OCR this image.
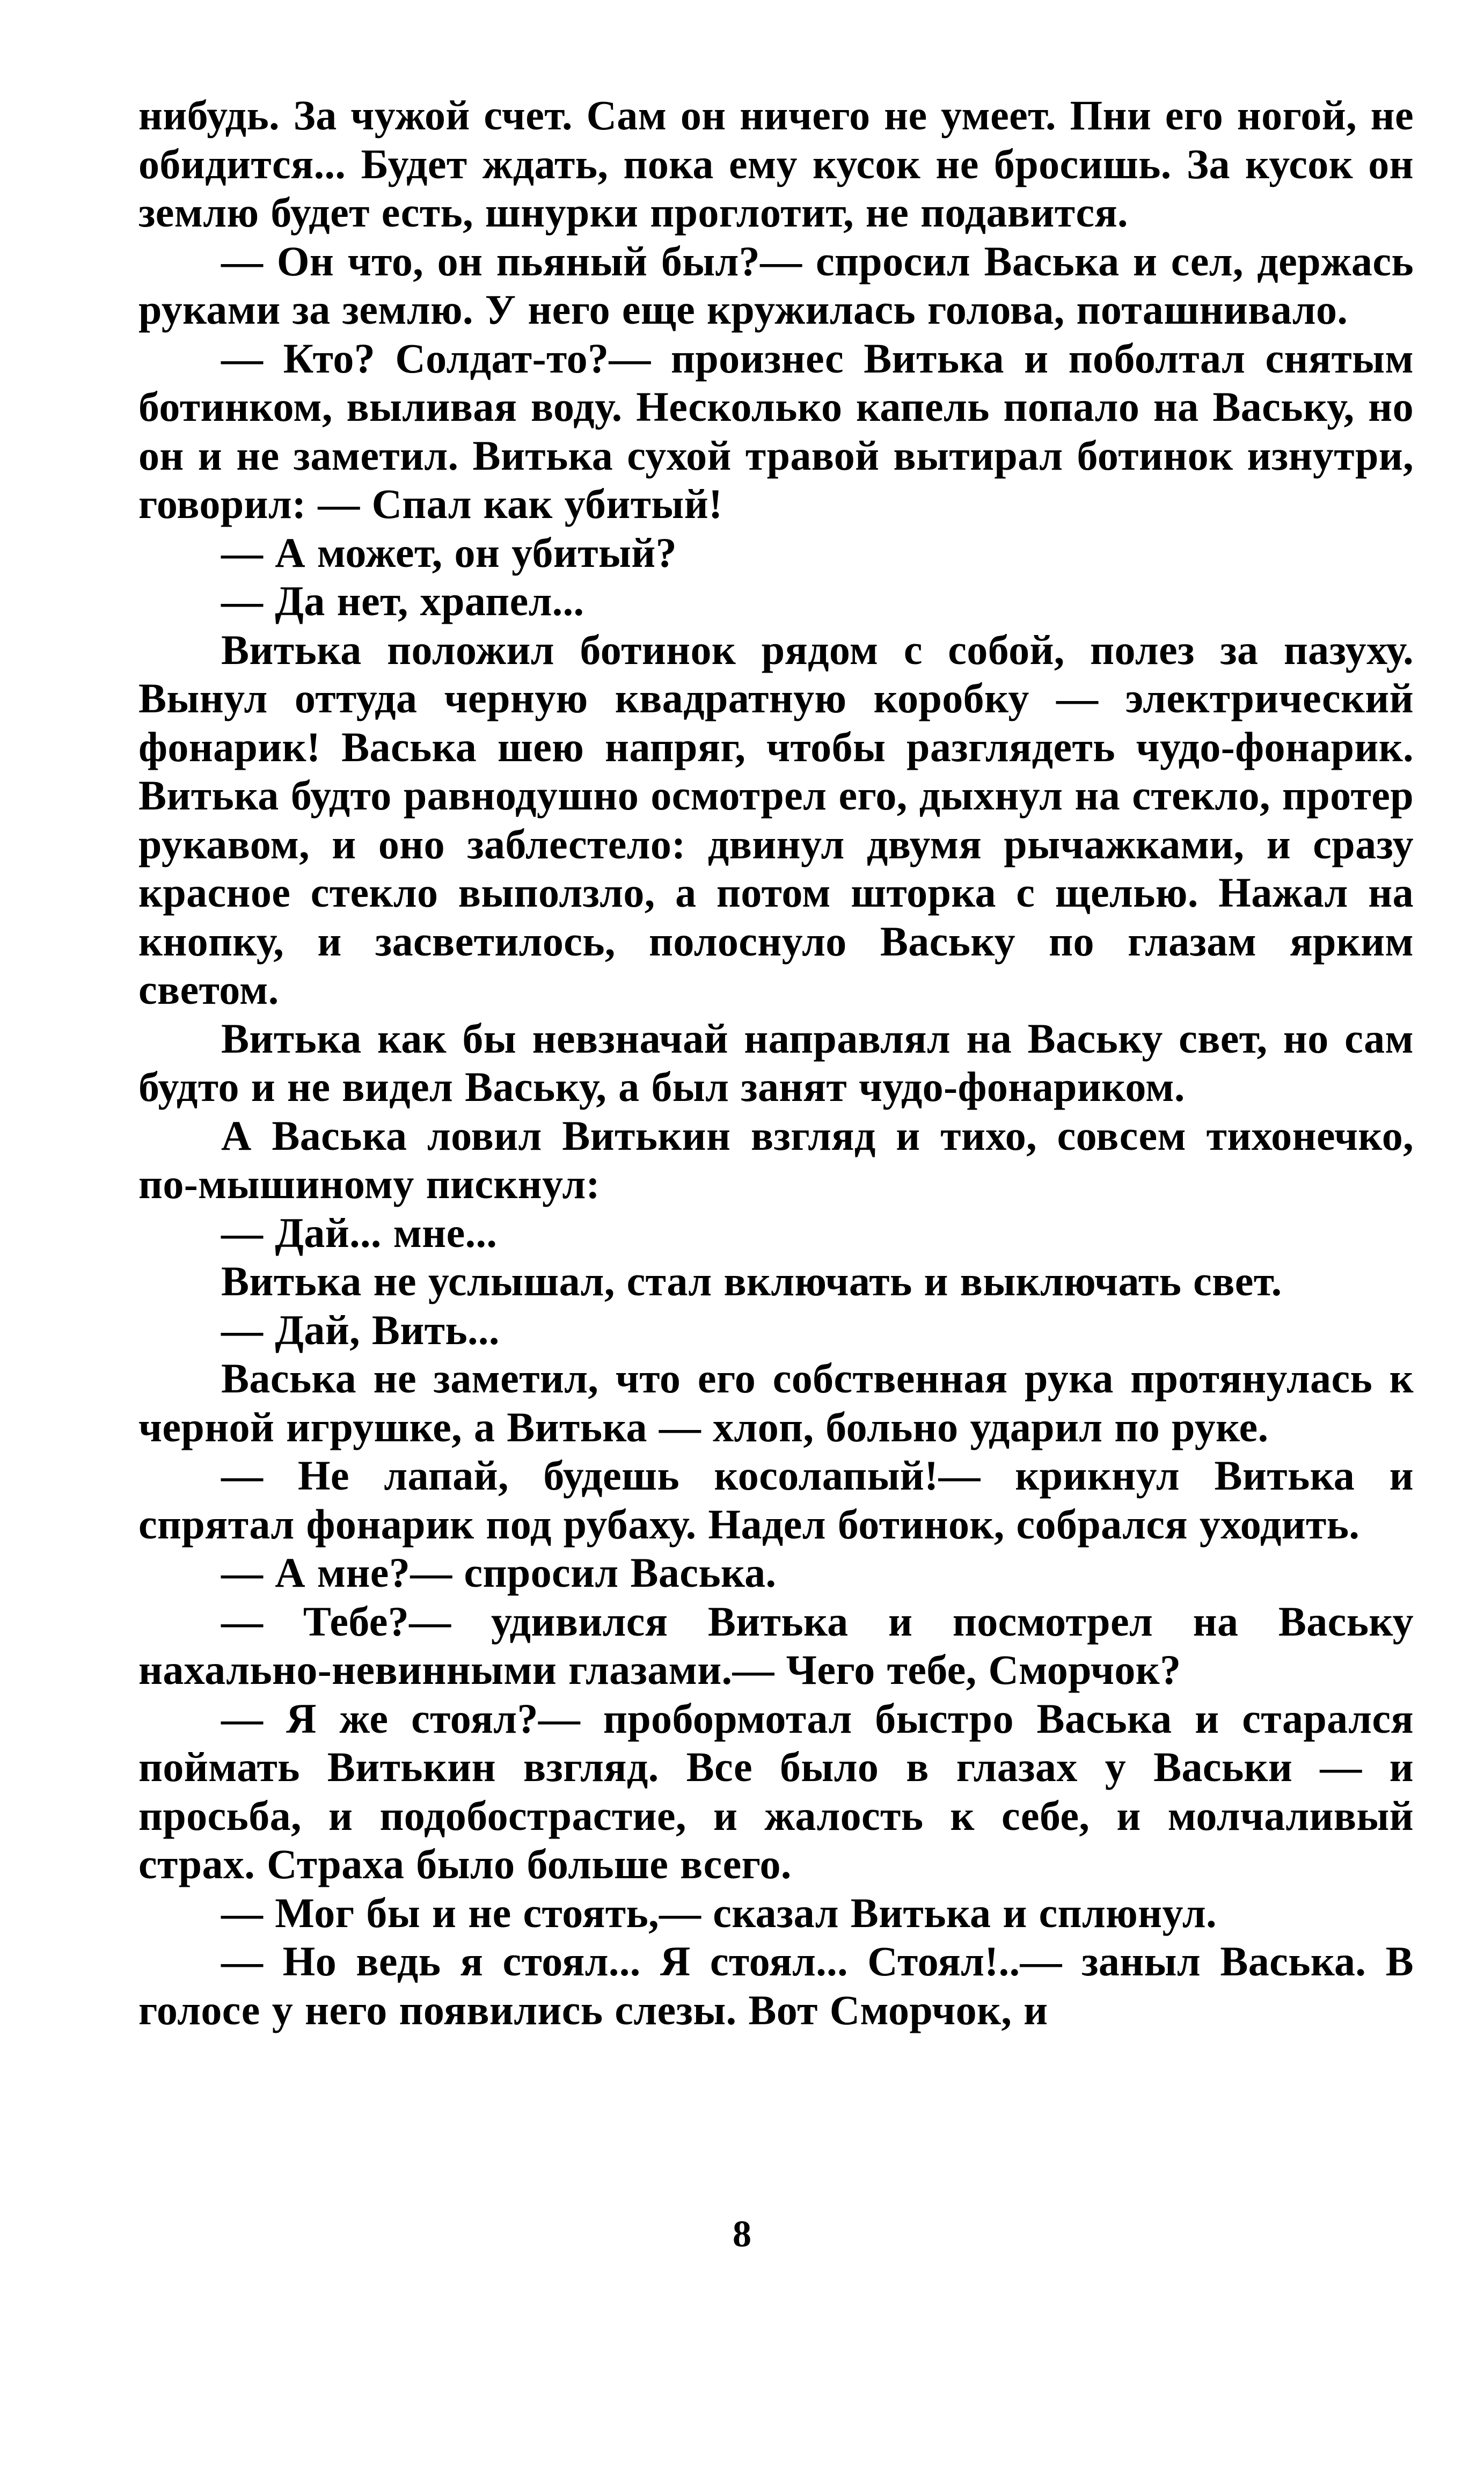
нибудь. За чужой счет. Сам он ничего не умеет. Пни его ногой, не обидится... Будет ждать, пока ему кусок не бросишь. За кусок он землю будет есть, шнурки проглотит, не подавится.

— Он что, он пьяный был?— спросил Васька и сел, держась руками за землю. У него еще кружилась голова, поташнивало.

— Кто? Солдат-то?— произнес Витька и поболтал снятым ботинком, выливая воду. Несколько капель попало на Ваську, но он и не заметил. Витька сухой травой вытирал ботинок изнутри, говорил: — Спал как убитый!

— А может, он убитый?

— Да нет, храпел...

Витька положил ботинок рядом с собой, полез за пазуху. Вынул оттуда черную квадратную коробку — электрический фонарик! Васька шею напряг, чтобы разглядеть чудо-фонарик. Витька будто равнодушно осмотрел его, дыхнул на стекло, протер рукавом, и оно заблестело: двинул двумя рычажками, и сразу красное стекло выползло, а потом шторка с щелью. Нажал на кнопку, и засветилось, полоснуло Ваську по глазам ярким светом.

Витька как бы невзначай направлял на Ваську свет, но сам будто и не видел Ваську, а был занят чудо-фонариком.

А Васька ловил Витькин взгляд и тихо, совсем тихонечко, по-мышиному пискнул:

— Дай... мне...

Витька не услышал, стал включать и выключать свет.

— Дай, Вить...

Васька не заметил, что его собственная рука протянулась к черной игрушке, а Витька — хлоп, больно ударил по руке.

— Не лапай, будешь косолапый!— крикнул Витька и спрятал фонарик под рубаху. Надел ботинок, собрался уходить.

— А мне?— спросил Васька.

— Тебе?— удивился Витька и посмотрел на Ваську нахально-невинными глазами.— Чего тебе, Сморчок?

— Я же стоял?— пробормотал быстро Васька и старался поймать Витькин взгляд. Все было в глазах у Васьки — и просьба, и подобострастие, и жалость к себе, и молчаливый страх. Страха было больше всего.

— Мог бы и не стоять,— сказал Витька и сплюнул.

— Но ведь я стоял... Я стоял... Стоял!..— заныл Васька. В голосе у него появились слезы. Вот Сморчок, и

8
